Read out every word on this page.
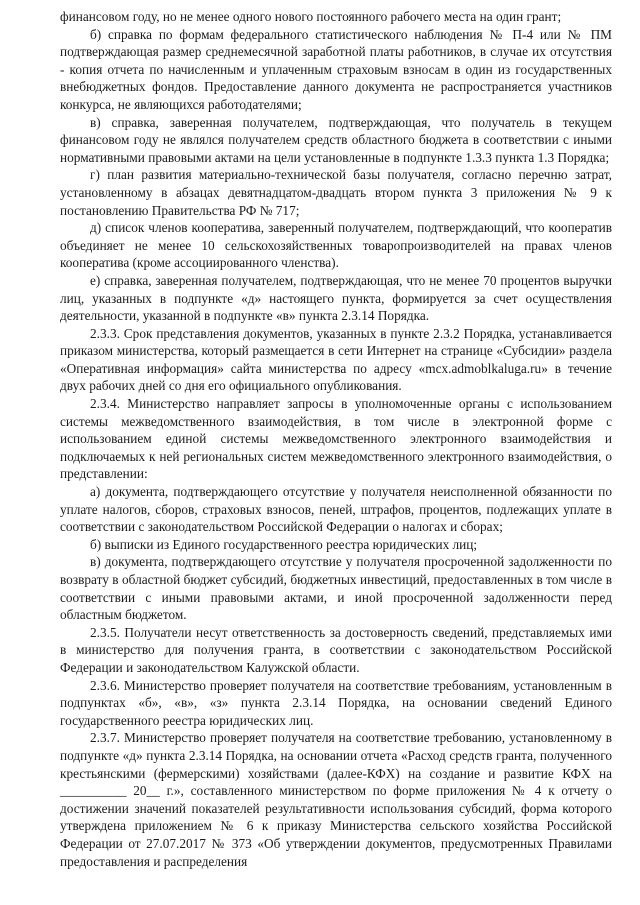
финансовом году, но не менее одного нового постоянного рабочего места на один грант;

б) справка по формам федерального статистического наблюдения № П-4 или № ПМ подтверждающая размер среднемесячной заработной платы работников, в случае их отсутствия - копия отчета по начисленным и уплаченным страховым взносам в один из государственных внебюджетных фондов. Предоставление данного документа не распространяется участников конкурса, не являющихся работодателями;

в) справка, заверенная получателем, подтверждающая, что получатель в текущем финансовом году не являлся получателем средств областного бюджета в соответствии с иными нормативными правовыми актами на цели установленные в подпункте 1.3.3 пункта 1.3 Порядка;

г) план развития материально-технической базы получателя, согласно перечню затрат, установленному в абзацах девятнадцатом-двадцать втором пункта 3 приложения № 9 к постановлению Правительства РФ № 717;

д) список членов кооператива, заверенный получателем, подтверждающий, что кооператив объединяет не менее 10 сельскохозяйственных товаропроизводителей на правах членов кооператива (кроме ассоциированного членства).

е) справка, заверенная получателем, подтверждающая, что не менее 70 процентов выручки лиц, указанных в подпункте «д» настоящего пункта, формируется за счет осуществления деятельности, указанной в подпункте «в» пункта 2.3.14 Порядка.

2.3.3. Срок представления документов, указанных в пункте 2.3.2 Порядка, устанавливается приказом министерства, который размещается в сети Интернет на странице «Субсидии» раздела «Оперативная информация» сайта министерства по адресу «mcx.admoblkaluga.ru» в течение двух рабочих дней со дня его официального опубликования.

2.3.4. Министерство направляет запросы в уполномоченные органы с использованием системы межведомственного взаимодействия, в том числе в электронной форме с использованием единой системы межведомственного электронного взаимодействия и подключаемых к ней региональных систем межведомственного электронного взаимодействия, о представлении:

а) документа, подтверждающего отсутствие у получателя неисполненной обязанности по уплате налогов, сборов, страховых взносов, пеней, штрафов, процентов, подлежащих уплате в соответствии с законодательством Российской Федерации о налогах и сборах;

б) выписки из Единого государственного реестра юридических лиц;

в) документа, подтверждающего отсутствие у получателя просроченной задолженности по возврату в областной бюджет субсидий, бюджетных инвестиций, предоставленных в том числе в соответствии с иными правовыми актами, и иной просроченной задолженности перед областным бюджетом.

2.3.5. Получатели несут ответственность за достоверность сведений, представляемых ими в министерство для получения гранта, в соответствии с законодательством Российской Федерации и законодательством Калужской области.

2.3.6. Министерство проверяет получателя на соответствие требованиям, установленным в подпунктах «б», «в», «з» пункта 2.3.14 Порядка, на основании сведений Единого государственного реестра юридических лиц.

2.3.7. Министерство проверяет получателя на соответствие требованию, установленному в подпункте «д» пункта 2.3.14 Порядка, на основании отчета «Расход средств гранта, полученного крестьянскими (фермерскими) хозяйствами (далее-КФХ) на создание и развитие КФХ на __________ 20__ г.», составленного министерством по форме приложения № 4 к отчету о достижении значений показателей результативности использования субсидий, форма которого утверждена приложением № 6 к приказу Министерства сельского хозяйства Российской Федерации от 27.07.2017 № 373 «Об утверждении документов, предусмотренных Правилами предоставления и распределения
